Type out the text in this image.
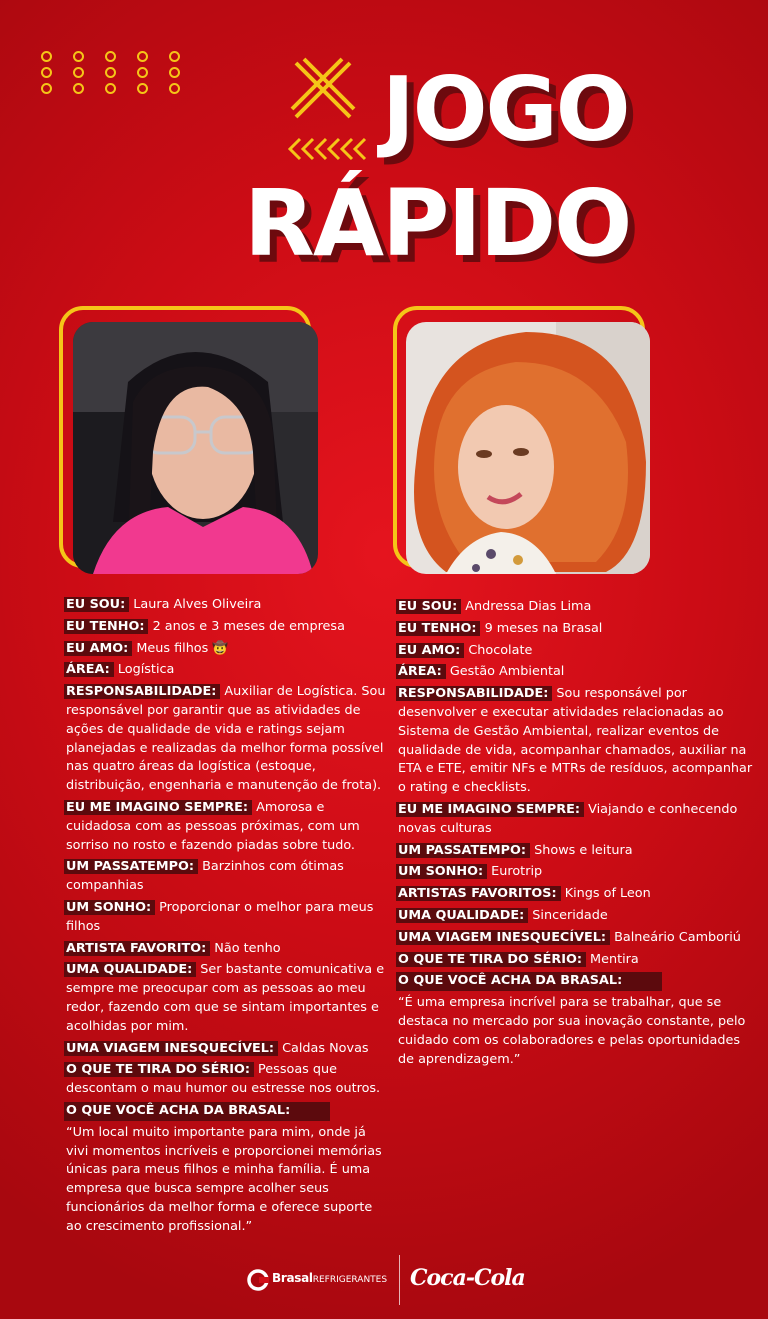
JOGO
RÁPIDO
EU SOU: Laura Alves Oliveira
EU TENHO: 2 anos e 3 meses de empresa
EU AMO: Meus filhos 🤠
ÁREA: Logística
RESPONSABILIDADE: Auxiliar de Logística. Sou responsável por garantir que as atividades de ações de qualidade de vida e ratings sejam planejadas e realizadas da melhor forma possível nas quatro áreas da logística (estoque, distribuição, engenharia e manutenção de frota).
EU ME IMAGINO SEMPRE: Amorosa e cuidadosa com as pessoas próximas, com um sorriso no rosto e fazendo piadas sobre tudo.
UM PASSATEMPO: Barzinhos com ótimas companhias
UM SONHO: Proporcionar o melhor para meus filhos
ARTISTA FAVORITO: Não tenho
UMA QUALIDADE: Ser bastante comunicativa e sempre me preocupar com as pessoas ao meu redor, fazendo com que se sintam importantes e acolhidas por mim.
UMA VIAGEM INESQUECÍVEL: Caldas Novas
O QUE TE TIRA DO SÉRIO: Pessoas que descontam o mau humor ou estresse nos outros.
O QUE VOCÊ ACHA DA BRASAL:
“Um local muito importante para mim, onde já vivi momentos incríveis e proporcionei memórias únicas para meus filhos e minha família. É uma empresa que busca sempre acolher seus funcionários da melhor forma e oferece suporte ao crescimento profissional.”
EU SOU: Andressa Dias Lima
EU TENHO: 9 meses na Brasal
EU AMO: Chocolate
ÁREA: Gestão Ambiental
RESPONSABILIDADE: Sou responsável por desenvolver e executar atividades relacionadas ao Sistema de Gestão Ambiental, realizar eventos de qualidade de vida, acompanhar chamados, auxiliar na ETA e ETE, emitir NFs e MTRs de resíduos, acompanhar o rating e checklists.
EU ME IMAGINO SEMPRE: Viajando e conhecendo novas culturas
UM PASSATEMPO: Shows e leitura
UM SONHO: Eurotrip
ARTISTAS FAVORITOS: Kings of Leon
UMA QUALIDADE: Sinceridade
UMA VIAGEM INESQUECÍVEL: Balneário Camboriú
O QUE TE TIRA DO SÉRIO: Mentira
O QUE VOCÊ ACHA DA BRASAL:
“É uma empresa incrível para se trabalhar, que se destaca no mercado por sua inovação constante, pelo cuidado com os colaboradores e pelas oportunidades de aprendizagem.”
BrasalREFRIGERANTES Coca-Cola
